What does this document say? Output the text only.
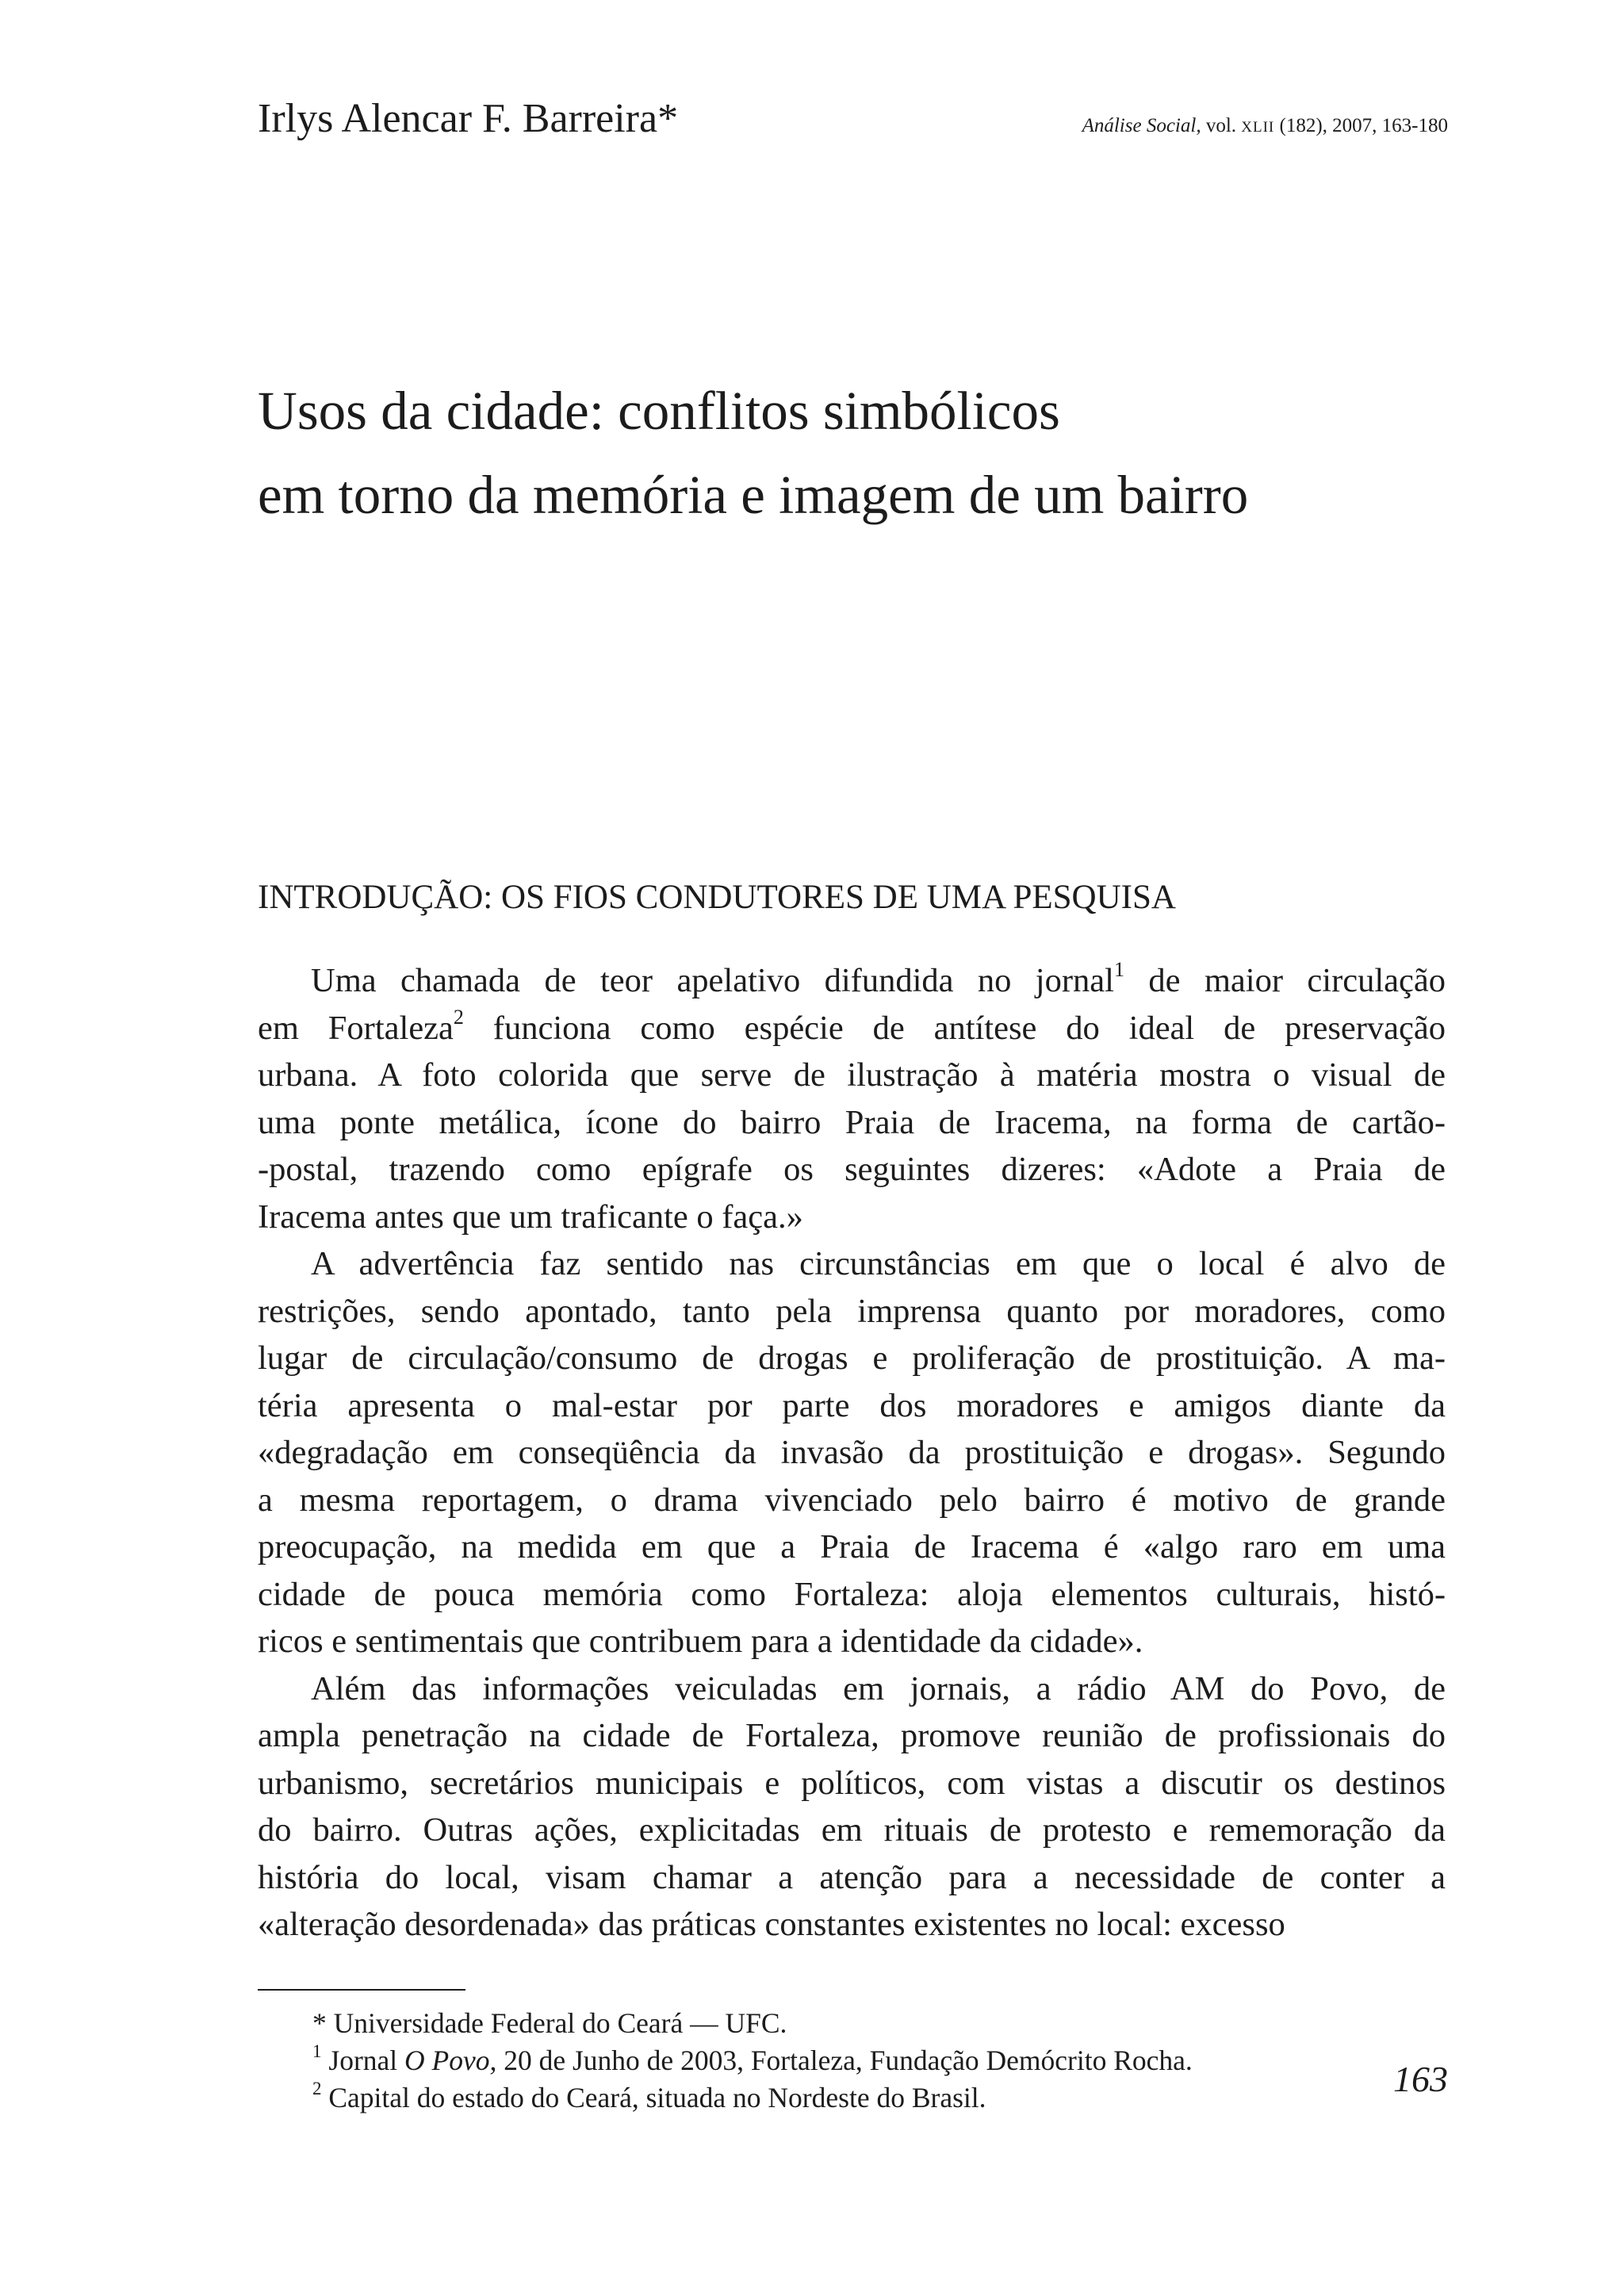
Irlys Alencar F. Barreira*	Análise Social, vol. XLII (182), 2007, 163-180
Usos da cidade: conflitos simbólicos
em torno da memória e imagem de um bairro
INTRODUÇÃO: OS FIOS CONDUTORES DE UMA PESQUISA

Uma chamada de teor apelativo difundida no jornal$^1$ de maior circulação
em Fortaleza$^2$ funciona como espécie de antítese do ideal de preservação
urbana. A foto colorida que serve de ilustração à matéria mostra o visual de
uma ponte metálica, ícone do bairro Praia de Iracema, na forma de cartão-
-postal, trazendo como epígrafe os seguintes dizeres: «Adote a Praia de
Iracema antes que um traficante o faça.»

A advertência faz sentido nas circunstâncias em que o local é alvo de
restrições, sendo apontado, tanto pela imprensa quanto por moradores, como
lugar de circulação/consumo de drogas e proliferação de prostituição. A ma-
téria apresenta o mal-estar por parte dos moradores e amigos diante da
«degradação em conseqüência da invasão da prostituição e drogas». Segundo
a mesma reportagem, o drama vivenciado pelo bairro é motivo de grande
preocupação, na medida em que a Praia de Iracema é «algo raro em uma
cidade de pouca memória como Fortaleza: aloja elementos culturais, histó-
ricos e sentimentais que contribuem para a identidade da cidade».

Além das informações veiculadas em jornais, a rádio AM do Povo, de
ampla penetração na cidade de Fortaleza, promove reunião de profissionais do
urbanismo, secretários municipais e políticos, com vistas a discutir os destinos
do bairro. Outras ações, explicitadas em rituais de protesto e rememoração da
história do local, visam chamar a atenção para a necessidade de conter a
«alteração desordenada» das práticas constantes existentes no local: excesso

* Universidade Federal do Ceará — UFC.
$^1$ Jornal O Povo, 20 de Junho de 2003, Fortaleza, Fundação Demócrito Rocha.
$^2$ Capital do estado do Ceará, situada no Nordeste do Brasil.	163
